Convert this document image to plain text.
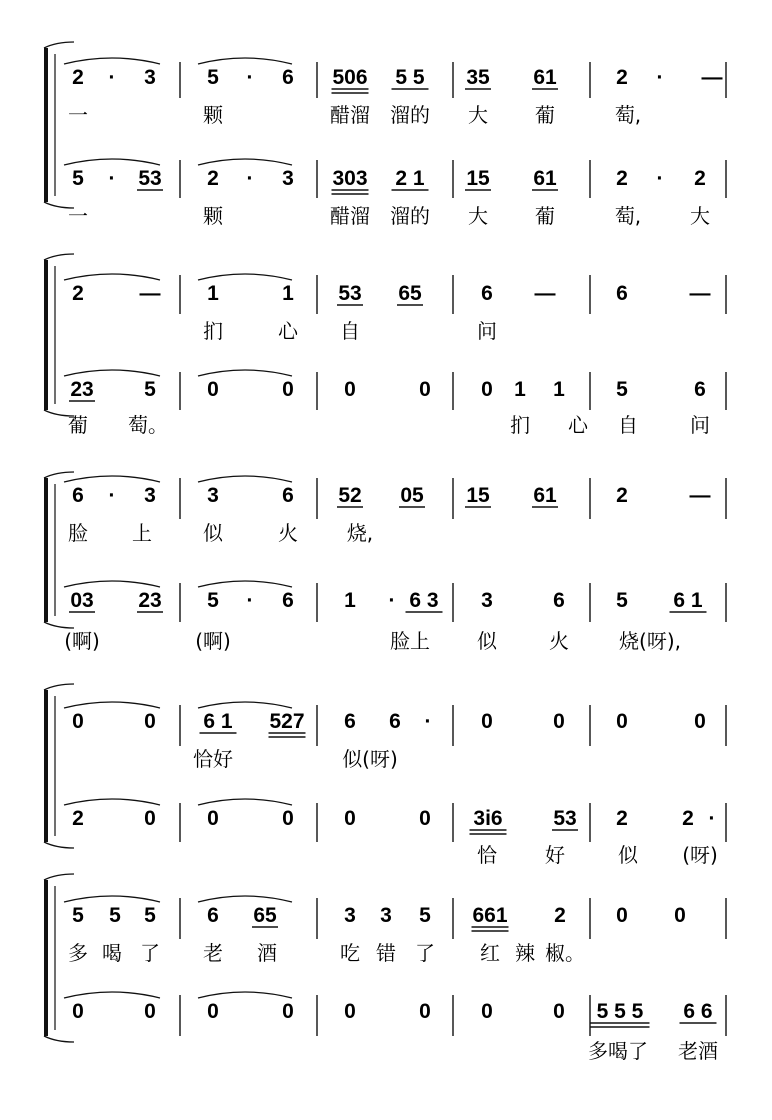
2 · 3 5 · 6 506 5 5 35 61	2 · —
一	颗	醋溜 溜的 大 葡	萄,
5 · 53 2 · 3 303 2 1 15 61	2 · 2
一	颗	醋溜 溜的 大 葡	萄, 大
2	— 1	1 53 65	6 —	6	—
扪	心 自	问
23 5 0	0 0	0 0 1 1 5	6
葡 萄。	扪 心 自	问
6 · 3 3	6 52 05 15 61	2	—
脸 上	似	火 烧,
03 23 5 · 6 1 · 6 3 3	6 5 6 1
(啊)	(啊)	脸上 似	火	烧(呀),
0	0 6 1 527 6 6 · 0	0 0	0
恰好	似(呀)
2	0 0	0 0	0 3i6 53 2	2 ·
恰 好	似 (呀)
5 5 5 6 65	3 3 5 661 2 0 0
多 喝 了 老 酒	吃 错 了 红 辣 椒。
0	0 0	0 0	0 0	0 5 5 5 6 6
多喝了 老酒
